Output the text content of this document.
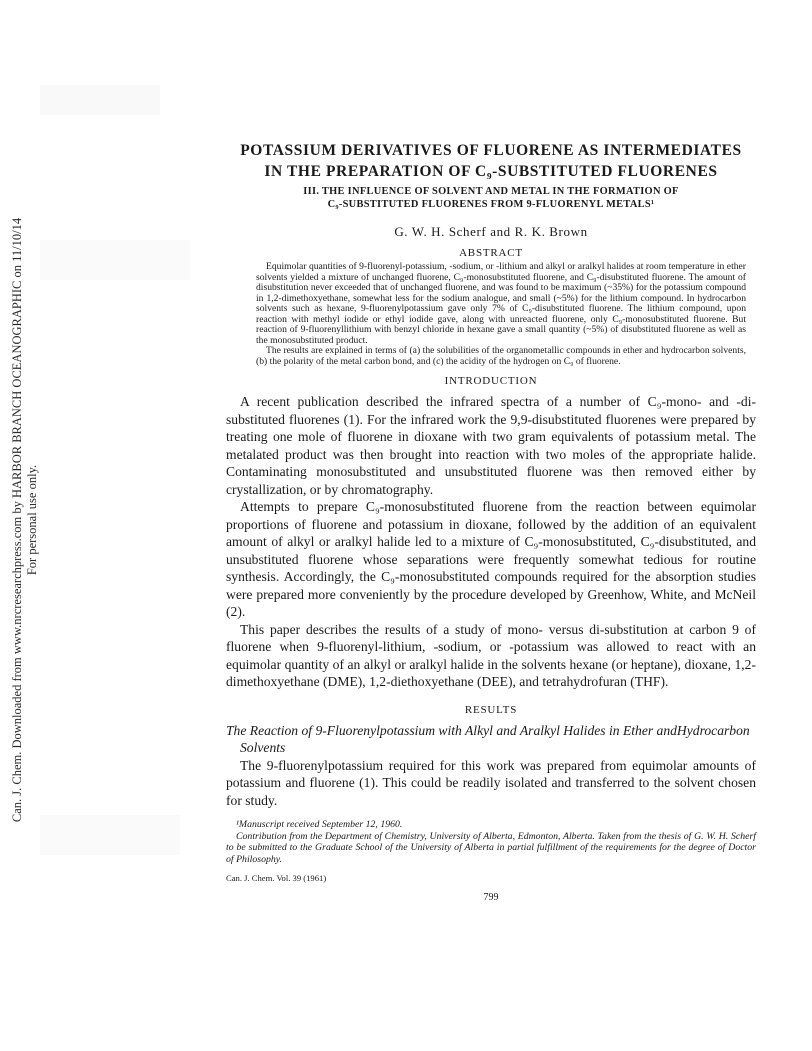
Can. J. Chem. Downloaded from www.nrcresearchpress.com by HARBOR BRANCH OCEANOGRAPHIC on 11/10/14 For personal use only.
POTASSIUM DERIVATIVES OF FLUORENE AS INTERMEDIATES
IN THE PREPARATION OF C₉-SUBSTITUTED FLUORENES
III. THE INFLUENCE OF SOLVENT AND METAL IN THE FORMATION OF
C₉-SUBSTITUTED FLUORENES FROM 9-FLUORENYL METALS¹
G. W. H. Scherf and R. K. Brown
ABSTRACT

Equimolar quantities of 9-fluorenyl-potassium, -sodium, or -lithium and alkyl or aralkyl halides at room temperature in ether solvents yielded a mixture of unchanged fluorene, C₉-monosubstituted fluorene, and C₉-disubstituted fluorene. The amount of disubstitution never exceeded that of unchanged fluorene, and was found to be maximum (~35%) for the potassium compound in 1,2-dimethoxyethane, somewhat less for the sodium analogue, and small (~5%) for the lithium compound. In hydrocarbon solvents such as hexane, 9-fluorenylpotassium gave only 7% of C₉-disubstituted fluorene. The lithium compound, upon reaction with methyl iodide or ethyl iodide gave, along with unreacted fluorene, only C₉-monosubstituted fluorene. But reaction of 9-fluorenyllithium with benzyl chloride in hexane gave a small quantity (~5%) of disubstituted fluorene as well as the monosubstituted product.

The results are explained in terms of (a) the solubilities of the organometallic compounds in ether and hydrocarbon solvents, (b) the polarity of the metal carbon bond, and (c) the acidity of the hydrogen on C₉ of fluorene.

INTRODUCTION

A recent publication described the infrared spectra of a number of C₉-mono- and -di-substituted fluorenes (1). For the infrared work the 9,9-disubstituted fluorenes were prepared by treating one mole of fluorene in dioxane with two gram equivalents of potassium metal. The metalated product was then brought into reaction with two moles of the appropriate halide. Contaminating monosubstituted and unsubstituted fluorene was then removed either by crystallization, or by chromatography.

Attempts to prepare C₉-monosubstituted fluorene from the reaction between equimolar proportions of fluorene and potassium in dioxane, followed by the addition of an equivalent amount of alkyl or aralkyl halide led to a mixture of C₉-monosubstituted, C₉-disubstituted, and unsubstituted fluorene whose separations were frequently somewhat tedious for routine synthesis. Accordingly, the C₉-monosubstituted compounds required for the absorption studies were prepared more conveniently by the procedure developed by Greenhow, White, and McNeil (2).

This paper describes the results of a study of mono- versus di-substitution at carbon 9 of fluorene when 9-fluorenyl-lithium, -sodium, or -potassium was allowed to react with an equimolar quantity of an alkyl or aralkyl halide in the solvents hexane (or heptane), dioxane, 1,2-dimethoxyethane (DME), 1,2-diethoxyethane (DEE), and tetrahydrofuran (THF).

RESULTS
The Reaction of 9-Fluorenylpotassium with Alkyl and Aralkyl Halides in Ether andHydrocarbon Solvents

The 9-fluorenylpotassium required for this work was prepared from equimolar amounts of potassium and fluorene (1). This could be readily isolated and transferred to the solvent chosen for study.

¹Manuscript received September 12, 1960.

Contribution from the Department of Chemistry, University of Alberta, Edmonton, Alberta. Taken from the thesis of G. W. H. Scherf to be submitted to the Graduate School of the University of Alberta in partial fulfillment of the requirements for the degree of Doctor of Philosophy.

Can. J. Chem. Vol. 39 (1961)
799
